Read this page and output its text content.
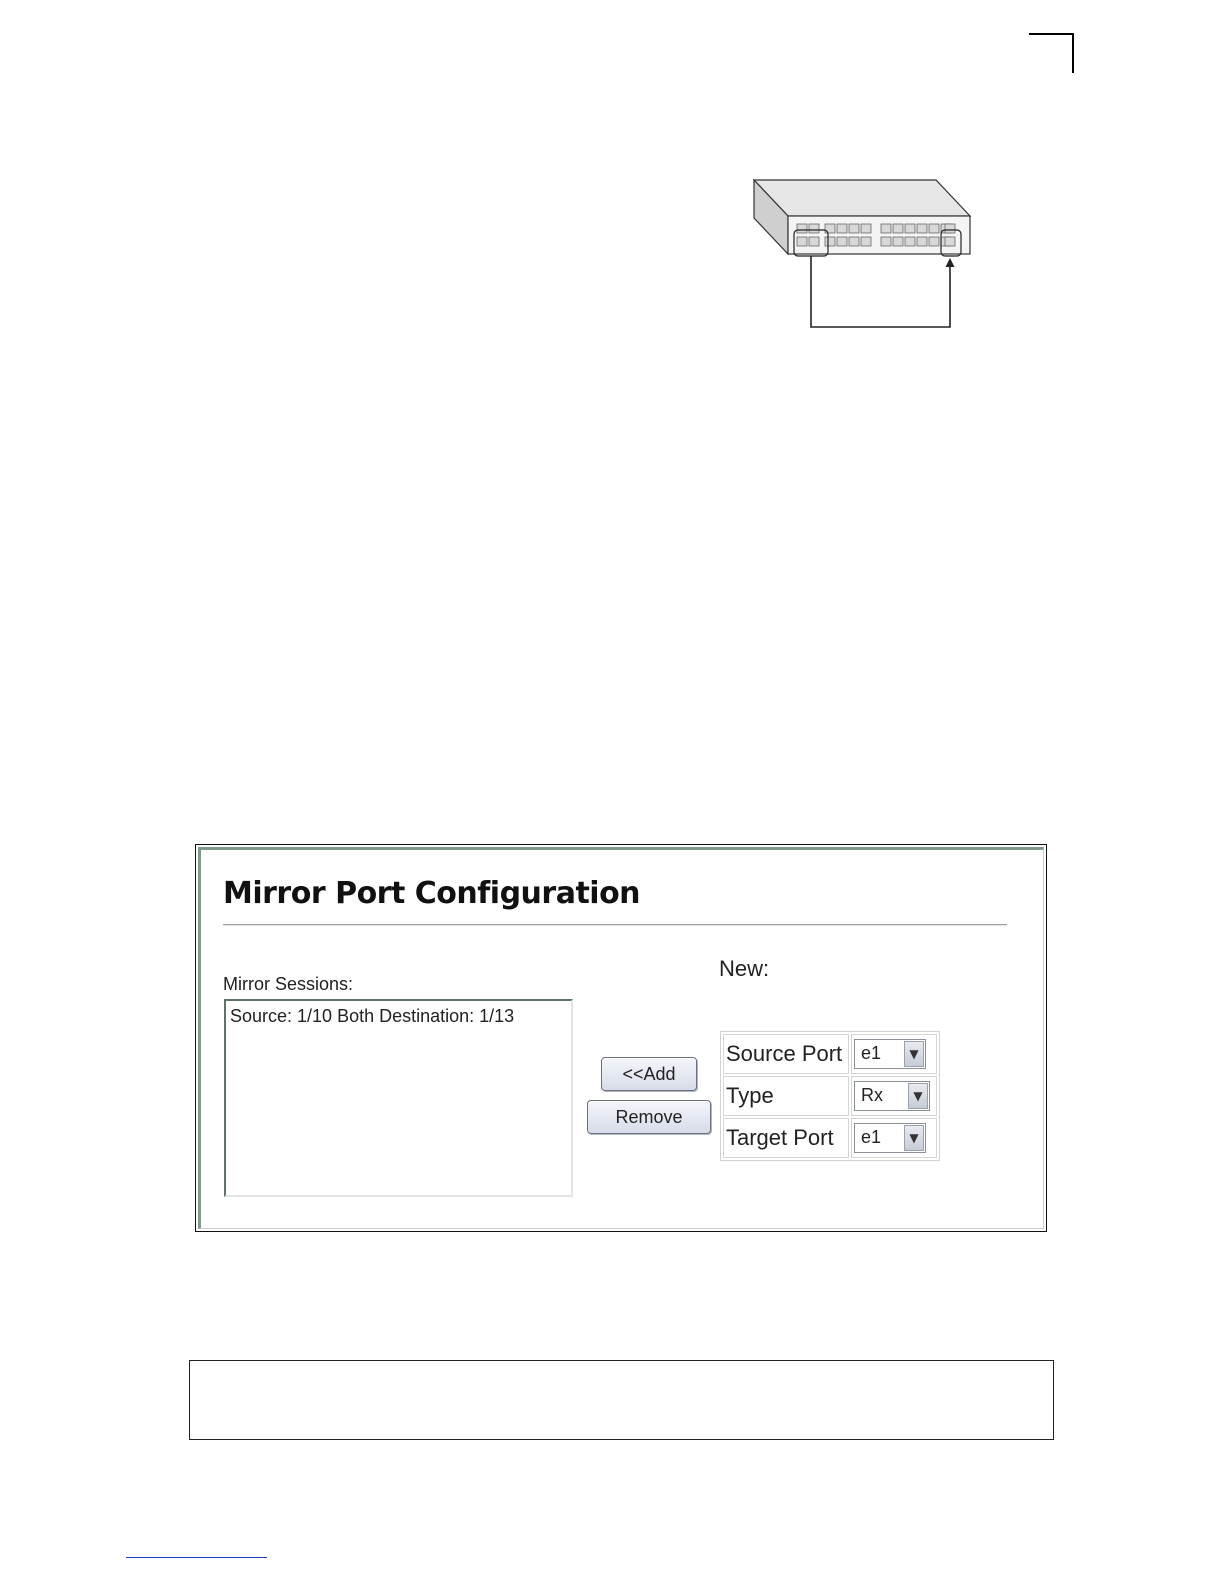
Mirror Port Configuration
Mirror Sessions:
Source: 1/10 Both Destination: 1/13
<<Add
Remove
New:
Source Port	e1 ▼

Type	Rx ▼

Target Port	e1 ▼
